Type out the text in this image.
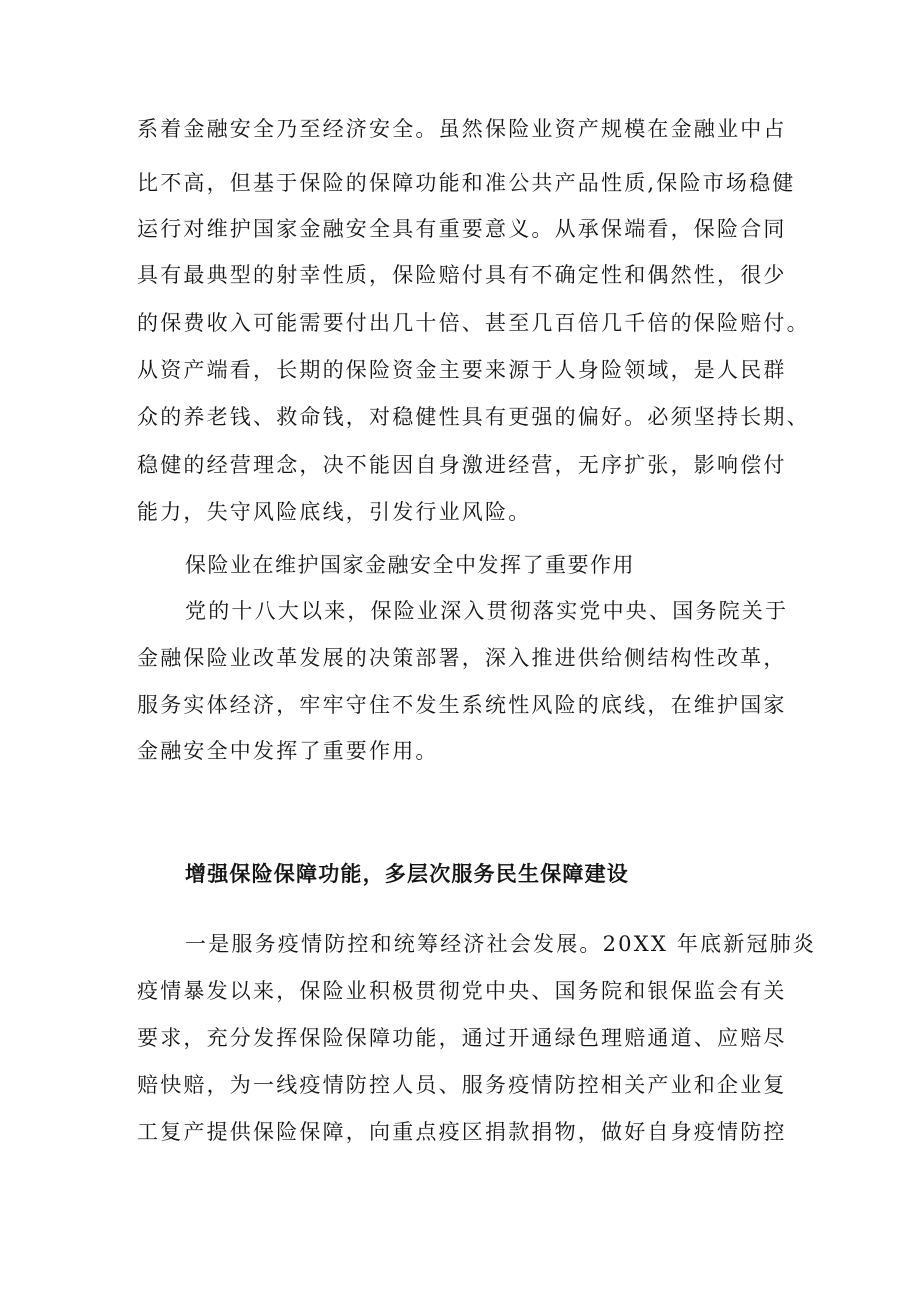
系着金融安全乃至经济安全。虽然保险业资产规模在金融业中占
比不高，但基于保险的保障功能和准公共产品性质,保险市场稳健
运行对维护国家金融安全具有重要意义。从承保端看，保险合同
具有最典型的射幸性质，保险赔付具有不确定性和偶然性，很少
的保费收入可能需要付出几十倍、甚至几百倍几千倍的保险赔付。
从资产端看，长期的保险资金主要来源于人身险领域，是人民群
众的养老钱、救命钱，对稳健性具有更强的偏好。必须坚持长期、
稳健的经营理念，决不能因自身激进经营，无序扩张，影响偿付
能力，失守风险底线，引发行业风险。
保险业在维护国家金融安全中发挥了重要作用
党的十八大以来，保险业深入贯彻落实党中央、国务院关于
金融保险业改革发展的决策部署，深入推进供给侧结构性改革，
服务实体经济，牢牢守住不发生系统性风险的底线，在维护国家
金融安全中发挥了重要作用。
增强保险保障功能，多层次服务民生保障建设
一是服务疫情防控和统筹经济社会发展。20XX 年底新冠肺炎
疫情暴发以来，保险业积极贯彻党中央、国务院和银保监会有关
要求，充分发挥保险保障功能，通过开通绿色理赔通道、应赔尽
赔快赔，为一线疫情防控人员、服务疫情防控相关产业和企业复
工复产提供保险保障，向重点疫区捐款捐物，做好自身疫情防控
